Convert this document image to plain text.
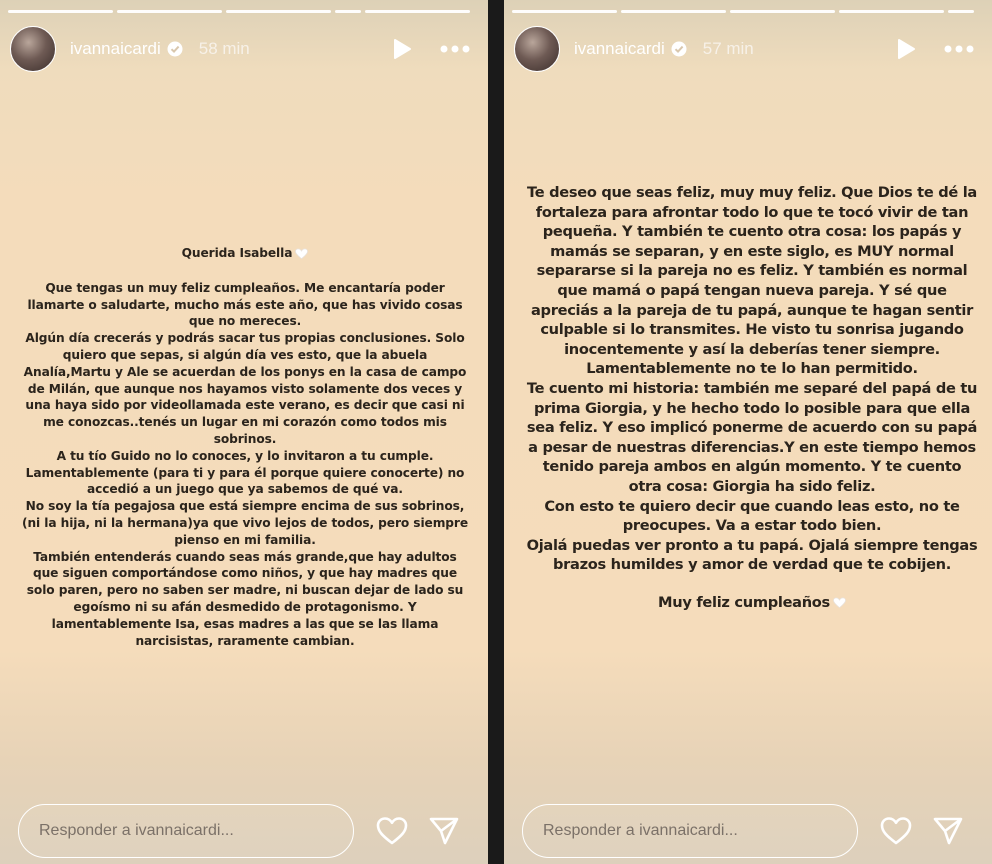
ivannaicardi 58 min

Querida Isabella

Que tengas un muy feliz cumpleaños. Me encantaría poder llamarte o saludarte, mucho más este año, que has vivido cosas que no mereces.

Algún día crecerás y podrás sacar tus propias conclusiones. Solo quiero que sepas, si algún día ves esto, que la abuela Analía,Martu y Ale se acuerdan de los ponys en la casa de campo de Milán, que aunque nos hayamos visto solamente dos veces y una haya sido por videollamada este verano, es decir que casi ni me conozcas..tenés un lugar en mi corazón como todos mis sobrinos.

A tu tío Guido no lo conoces, y lo invitaron a tu cumple. Lamentablemente (para ti y para él porque quiere conocerte) no accedió a un juego que ya sabemos de qué va.

No soy la tía pegajosa que está siempre encima de sus sobrinos, (ni la hija, ni la hermana)ya que vivo lejos de todos, pero siempre pienso en mi familia.

También entenderás cuando seas más grande,que hay adultos que siguen comportándose como niños, y que hay madres que solo paren, pero no saben ser madre, ni buscan dejar de lado su egoísmo ni su afán desmedido de protagonismo. Y lamentablemente Isa, esas madres a las que se las llama narcisistas, raramente cambian.

Responder a ivannaicardi...
ivannaicardi 57 min

Te deseo que seas feliz, muy muy feliz. Que Dios te dé la fortaleza para afrontar todo lo que te tocó vivir de tan pequeña. Y también te cuento otra cosa: los papás y mamás se separan, y en este siglo, es MUY normal separarse si la pareja no es feliz. Y también es normal que mamá o papá tengan nueva pareja. Y sé que apreciás a la pareja de tu papá, aunque te hagan sentir culpable si lo transmites. He visto tu sonrisa jugando inocentemente y así la deberías tener siempre. Lamentablemente no te lo han permitido.

Te cuento mi historia: también me separé del papá de tu prima Giorgia, y he hecho todo lo posible para que ella sea feliz. Y eso implicó ponerme de acuerdo con su papá a pesar de nuestras diferencias.Y en este tiempo hemos tenido pareja ambos en algún momento. Y te cuento otra cosa: Giorgia ha sido feliz.

Con esto te quiero decir que cuando leas esto, no te preocupes. Va a estar todo bien.

Ojalá puedas ver pronto a tu papá. Ojalá siempre tengas brazos humildes y amor de verdad que te cobijen.

Muy feliz cumpleaños

Responder a ivannaicardi...
